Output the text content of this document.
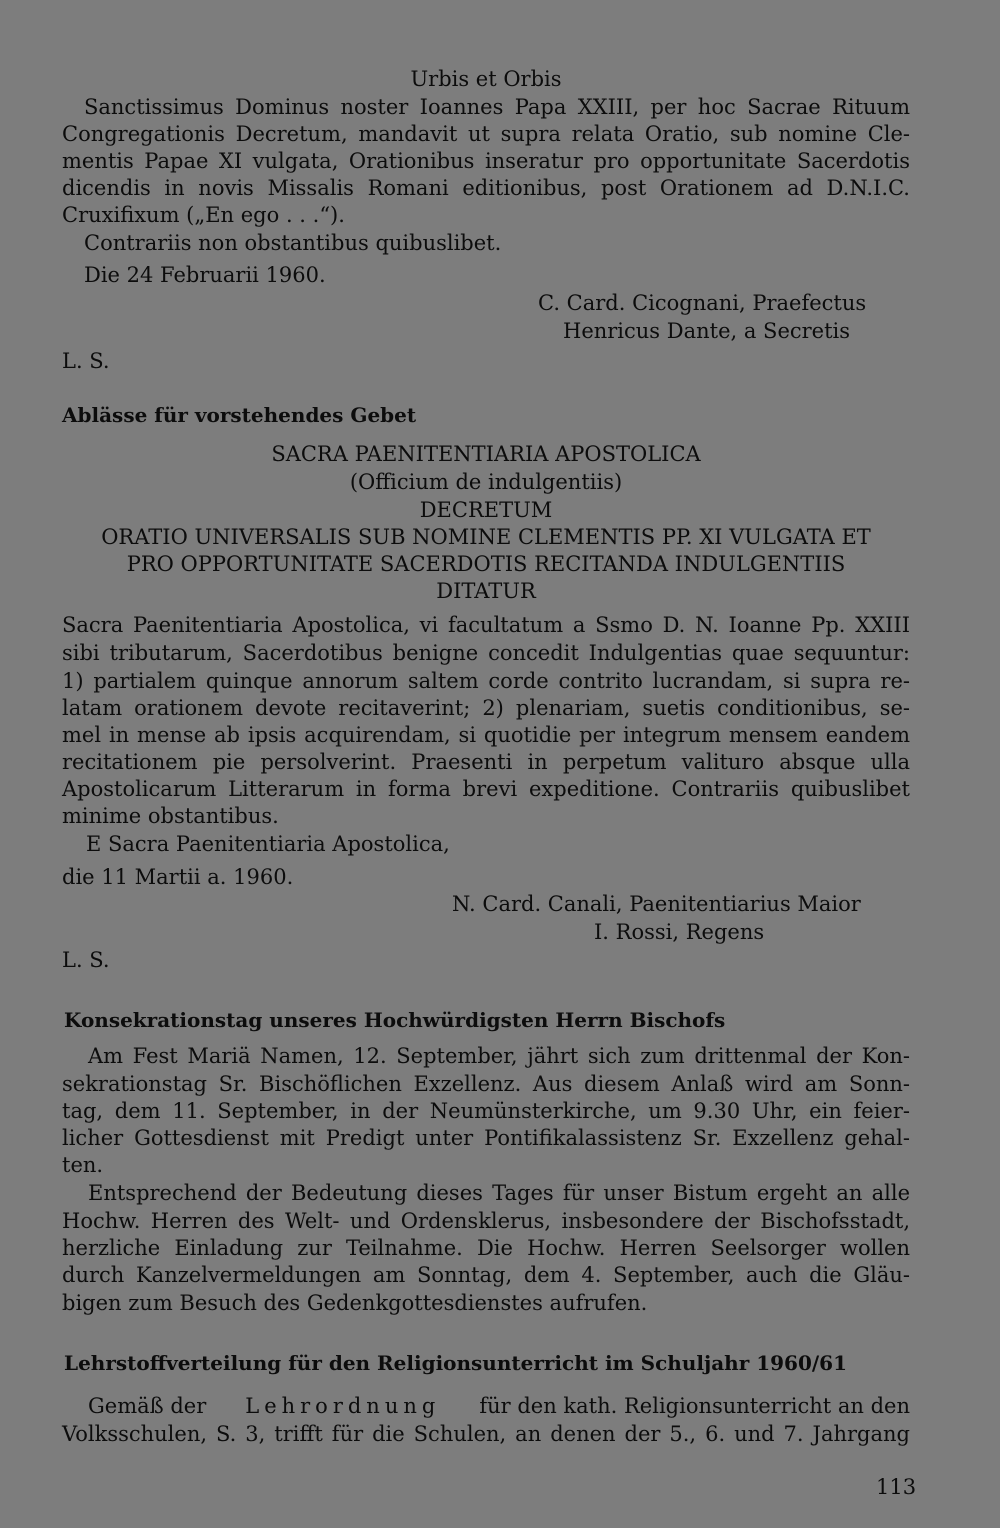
Urbis et Orbis
Sanctissimus Dominus noster Ioannes Papa XXIII, per hoc Sacrae Rituum
Congregationis Decretum, mandavit ut supra relata Oratio, sub nomine Cle-
mentis Papae XI vulgata, Orationibus inseratur pro opportunitate Sacerdotis
dicendis in novis Missalis Romani editionibus, post Orationem ad D.N.I.C.
Cruxifixum („En ego . . .“).
Contrariis non obstantibus quibuslibet.
Die 24 Februarii 1960.
C. Card. Cicognani, Praefectus
Henricus Dante, a Secretis
L. S.
Ablässe für vorstehendes Gebet
SACRA PAENITENTIARIA APOSTOLICA
(Officium de indulgentiis)
DECRETUM
ORATIO UNIVERSALIS SUB NOMINE CLEMENTIS PP. XI VULGATA ET
PRO OPPORTUNITATE SACERDOTIS RECITANDA INDULGENTIIS
DITATUR
Sacra Paenitentiaria Apostolica, vi facultatum a Ssmo D. N. Ioanne Pp. XXIII
sibi tributarum, Sacerdotibus benigne concedit Indulgentias quae sequuntur:
1) partialem quinque annorum saltem corde contrito lucrandam, si supra re-
latam orationem devote recitaverint; 2) plenariam, suetis conditionibus, se-
mel in mense ab ipsis acquirendam, si quotidie per integrum mensem eandem
recitationem pie persolverint. Praesenti in perpetum valituro absque ulla
Apostolicarum Litterarum in forma brevi expeditione. Contrariis quibuslibet
minime obstantibus.
E Sacra Paenitentiaria Apostolica,
die 11 Martii a. 1960.
N. Card. Canali, Paenitentiarius Maior
I. Rossi, Regens
L. S.
Konsekrationstag unseres Hochwürdigsten Herrn Bischofs
Am Fest Mariä Namen, 12. September, jährt sich zum drittenmal der Kon-
sekrationstag Sr. Bischöflichen Exzellenz. Aus diesem Anlaß wird am Sonn-
tag, dem 11. September, in der Neumünsterkirche, um 9.30 Uhr, ein feier-
licher Gottesdienst mit Predigt unter Pontifikalassistenz Sr. Exzellenz gehal-
ten.
Entsprechend der Bedeutung dieses Tages für unser Bistum ergeht an alle
Hochw. Herren des Welt- und Ordensklerus, insbesondere der Bischofsstadt,
herzliche Einladung zur Teilnahme. Die Hochw. Herren Seelsorger wollen
durch Kanzelvermeldungen am Sonntag, dem 4. September, auch die Gläu-
bigen zum Besuch des Gedenkgottesdienstes aufrufen.
Lehrstoffverteilung für den Religionsunterricht im Schuljahr 1960/61
Gemäß der Lehrordnung für den kath. Religionsunterricht an den
Volksschulen, S. 3, trifft für die Schulen, an denen der 5., 6. und 7. Jahrgang
113
